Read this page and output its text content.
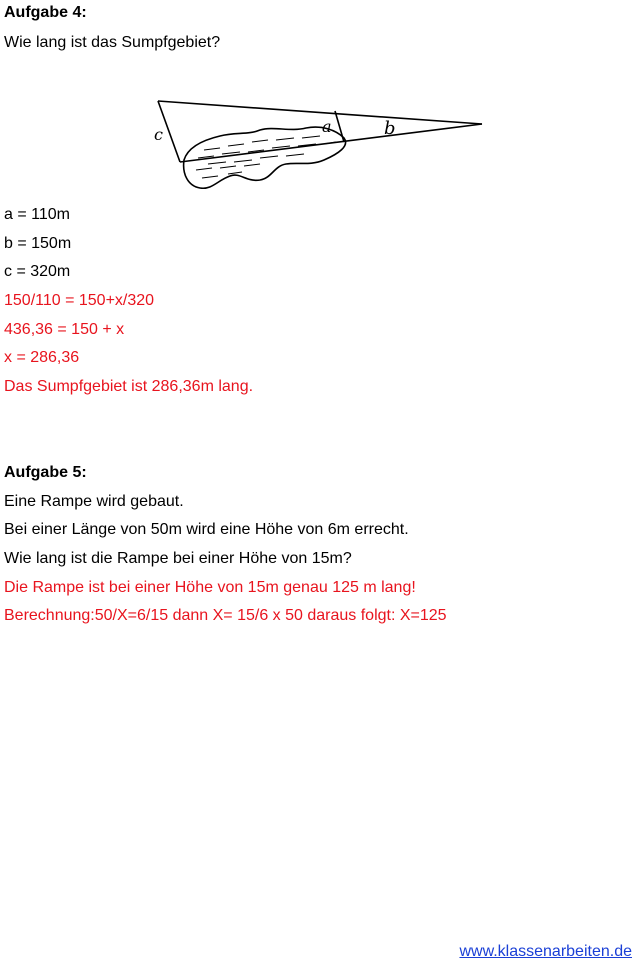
Aufgabe 4:
Wie lang ist das Sumpfgebiet?
c	a	b
a = 110m
b = 150m
c = 320m
150/110 = 150+x/320
436,36 = 150 + x
x = 286,36
Das Sumpfgebiet ist 286,36m lang.
Aufgabe 5:
Eine Rampe wird gebaut.
Bei einer Länge von 50m wird eine Höhe von 6m errecht.
Wie lang ist die Rampe bei einer Höhe von 15m?
Die Rampe ist bei einer Höhe von 15m genau 125 m lang!
Berechnung:50/X=6/15 dann X= 15/6 x 50 daraus folgt: X=125
www.klassenarbeiten.de
